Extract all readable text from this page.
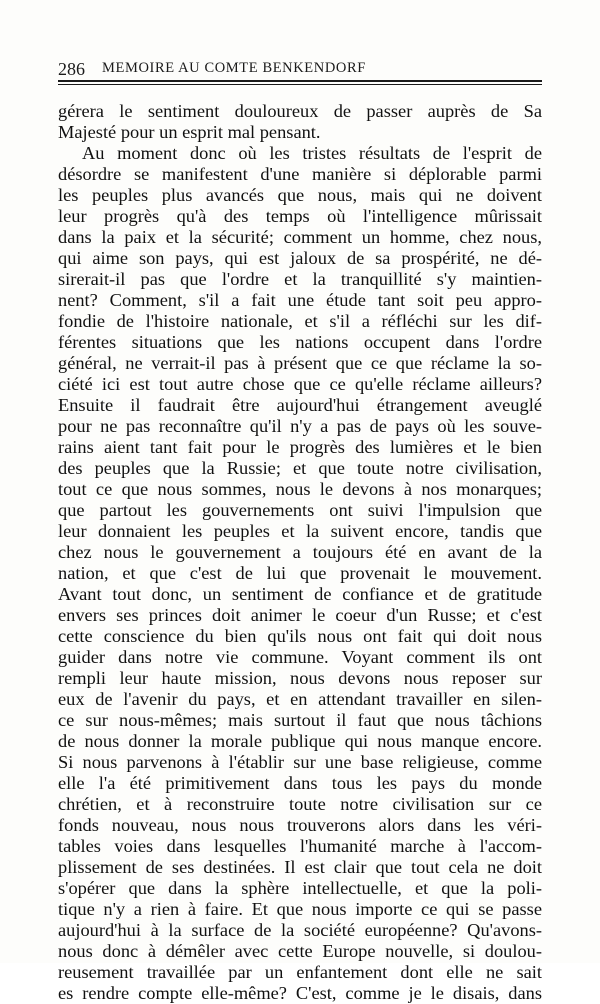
286 MEMOIRE AU COMTE BENKENDORF
gérera le sentiment douloureux de passer auprès de Sa
Majesté pour un esprit mal pensant.
Au moment donc où les tristes résultats de l'esprit de
désordre se manifestent d'une manière si déplorable parmi
les peuples plus avancés que nous, mais qui ne doivent
leur progrès qu'à des temps où l'intelligence mûrissait
dans la paix et la sécurité; comment un homme, chez nous,
qui aime son pays, qui est jaloux de sa prospérité, ne dé-
sirerait-il pas que l'ordre et la tranquillité s'y maintien-
nent? Comment, s'il a fait une étude tant soit peu appro-
fondie de l'histoire nationale, et s'il a réfléchi sur les dif-
férentes situations que les nations occupent dans l'ordre
général, ne verrait-il pas à présent que ce que réclame la so-
ciété ici est tout autre chose que ce qu'elle réclame ailleurs?
Ensuite il faudrait être aujourd'hui étrangement aveuglé
pour ne pas reconnaître qu'il n'y a pas de pays où les souve-
rains aient tant fait pour le progrès des lumières et le bien
des peuples que la Russie; et que toute notre civilisation,
tout ce que nous sommes, nous le devons à nos monarques;
que partout les gouvernements ont suivi l'impulsion que
leur donnaient les peuples et la suivent encore, tandis que
chez nous le gouvernement a toujours été en avant de la
nation, et que c'est de lui que provenait le mouvement.
Avant tout donc, un sentiment de confiance et de gratitude
envers ses princes doit animer le coeur d'un Russe; et c'est
cette conscience du bien qu'ils nous ont fait qui doit nous
guider dans notre vie commune. Voyant comment ils ont
rempli leur haute mission, nous devons nous reposer sur
eux de l'avenir du pays, et en attendant travailler en silen-
ce sur nous-mêmes; mais surtout il faut que nous tâchions
de nous donner la morale publique qui nous manque encore.
Si nous parvenons à l'établir sur une base religieuse, comme
elle l'a été primitivement dans tous les pays du monde
chrétien, et à reconstruire toute notre civilisation sur ce
fonds nouveau, nous nous trouverons alors dans les véri-
tables voies dans lesquelles l'humanité marche à l'accom-
plissement de ses destinées. Il est clair que tout cela ne doit
s'opérer que dans la sphère intellectuelle, et que la poli-
tique n'y a rien à faire. Et que nous importe ce qui se passe
aujourd'hui à la surface de la société européenne? Qu'avons-
nous donc à démêler avec cette Europe nouvelle, si doulou-
reusement travaillée par un enfantement dont elle ne sait
es rendre compte elle-même? C'est, comme je le disais, dans
